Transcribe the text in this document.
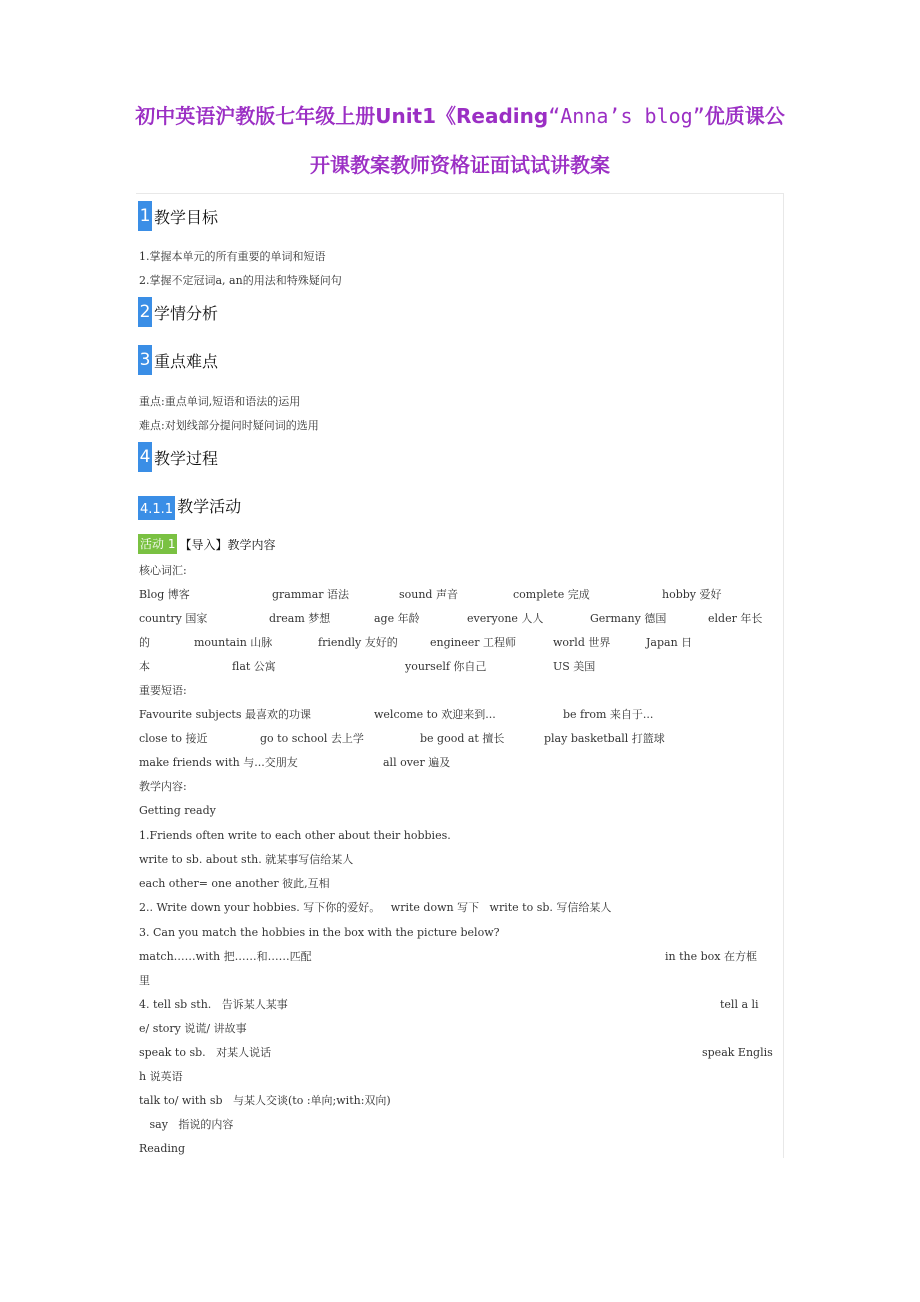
初中英语沪教版七年级上册Unit1《Reading“Anna’s blog”优质课公
开课教案教师资格证面试试讲教案
1 教学目标
1.掌握本单元的所有重要的单词和短语
2.掌握不定冠词a, an的用法和特殊疑问句
2 学情分析
3 重点难点
重点:重点单词,短语和语法的运用
难点:对划线部分提问时疑问词的选用
4 教学过程
4.1.1 教学活动
活动 1 【导入】教学内容
核心词汇:
Blog 博客	grammar 语法	sound 声音	complete 完成	hobby 爱好
country 国家	dream 梦想	age 年龄	everyone 人人	Germany 德国	elder 年长
的	mountain 山脉	friendly 友好的	engineer 工程师	world 世界	Japan 日
本	flat 公寓	yourself 你自己	US 美国
重要短语:
Favourite subjects 最喜欢的功课	welcome to 欢迎来到...	be from 来自于...
close to 接近	go to school 去上学	be good at 擅长	play basketball 打篮球
make friends with 与...交朋友	all over 遍及
教学内容:
Getting ready
1.Friends often write to each other about their hobbies.
write to sb. about sth. 就某事写信给某人
each other= one another 彼此,互相
2.. Write down your hobbies. 写下你的爱好。   write down 写下   write to sb. 写信给某人
3. Can you match the hobbies in the box with the picture below?
match……with 把……和……匹配	in the box 在方框
里
4. tell sb sth.   告诉某人某事	tell a li
e/ story 说谎/ 讲故事
speak to sb.   对某人说话	speak Englis
h 说英语
talk to/ with sb   与某人交谈(to :单向;with:双向)
say   指说的内容
Reading
